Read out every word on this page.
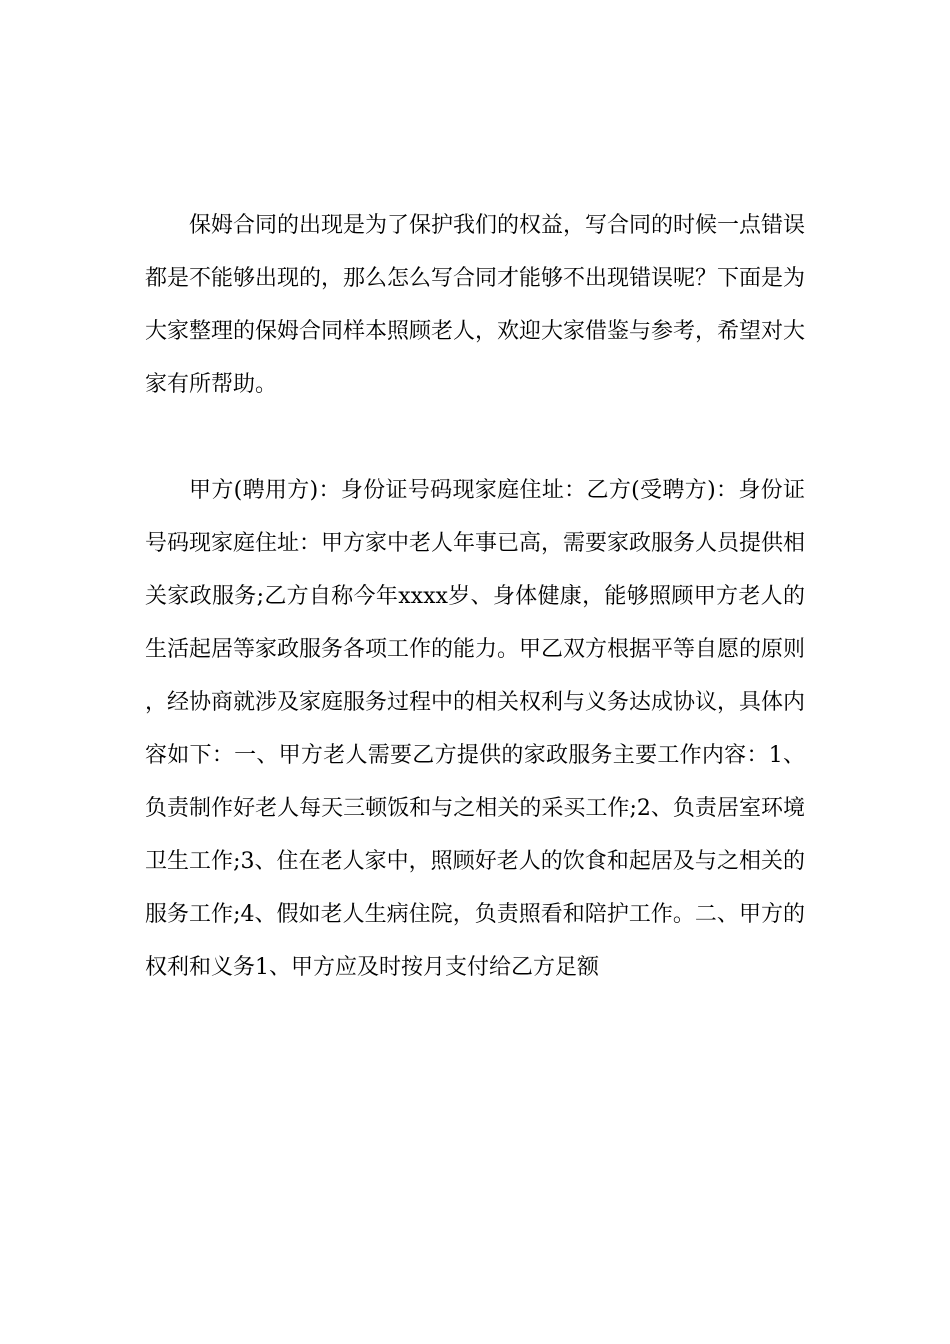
保姆合同的出现是为了保护我们的权益，写合同的时候一点错误都是不能够出现的，那么怎么写合同才能够不出现错误呢？下面是为大家整理的保姆合同样本照顾老人，欢迎大家借鉴与参考，希望对大家有所帮助。

甲方(聘用方)：身份证号码现家庭住址：乙方(受聘方)：身份证号码现家庭住址：甲方家中老人年事已高，需要家政服务人员提供相关家政服务;乙方自称今年xxxx岁、身体健康，能够照顾甲方老人的生活起居等家政服务各项工作的能力。甲乙双方根据平等自愿的原则，经协商就涉及家庭服务过程中的相关权利与义务达成协议，具体内容如下：一、甲方老人需要乙方提供的家政服务主要工作内容：1、负责制作好老人每天三顿饭和与之相关的采买工作;2、负责居室环境卫生工作;3、住在老人家中，照顾好老人的饮食和起居及与之相关的服务工作;4、假如老人生病住院，负责照看和陪护工作。二、甲方的权利和义务1、甲方应及时按月支付给乙方足额
